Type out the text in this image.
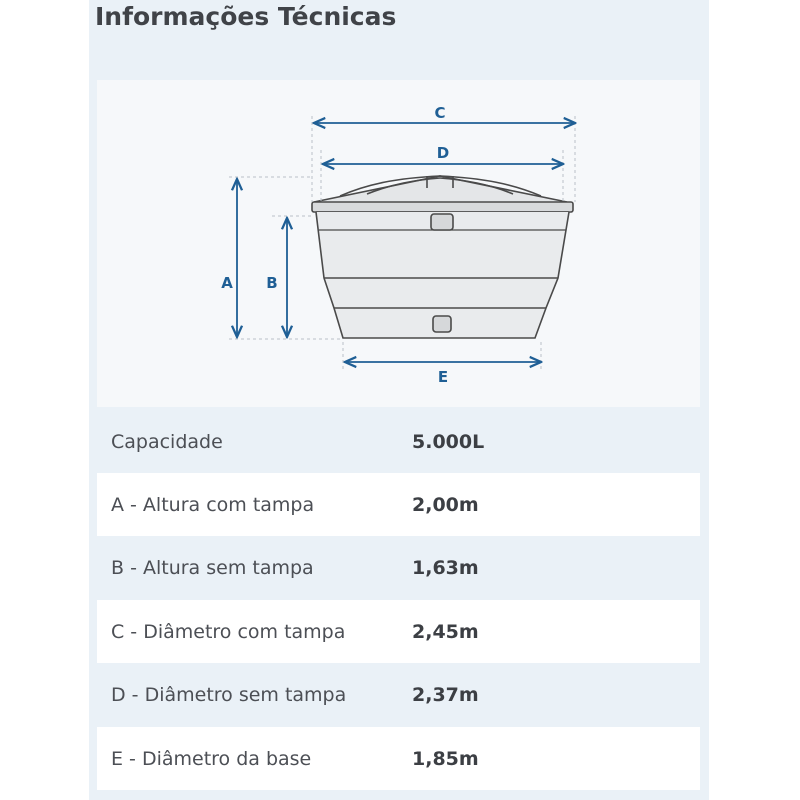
Informações Técnicas
C
D
A B
E
Capacidade	5.000L
A - Altura com tampa	2,00m
B - Altura sem tampa	1,63m
C - Diâmetro com tampa	2,45m
D - Diâmetro sem tampa	2,37m
E - Diâmetro da base	1,85m
